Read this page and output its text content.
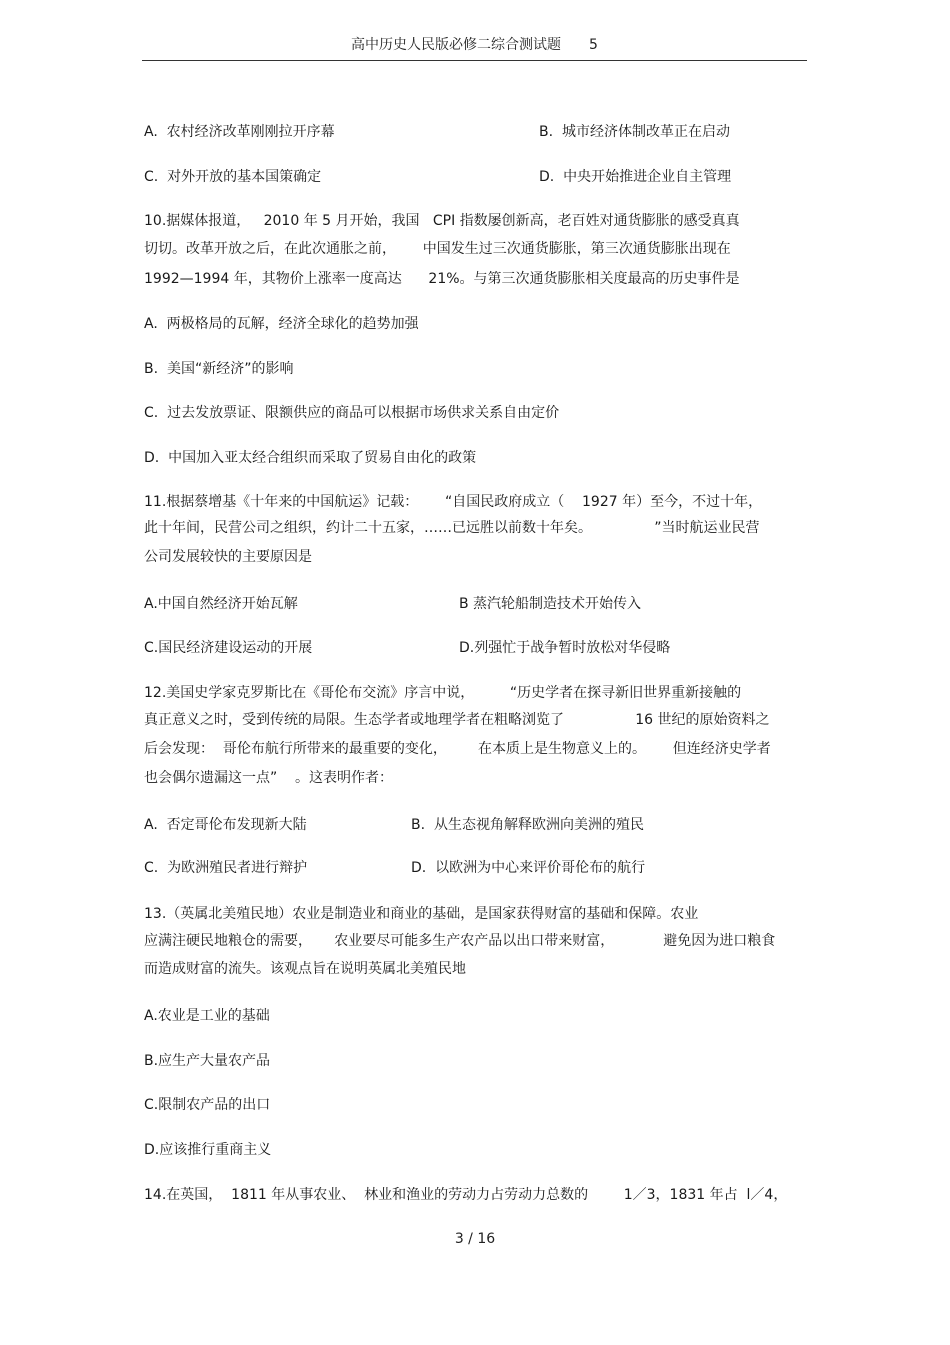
高中历史人民版必修二综合测试题 5
A.  农村经济改革刚刚拉开序幕	B.  城市经济体制改革正在启动
C.  对外开放的基本国策确定	D.  中央开始推进企业自主管理
10.据媒体报道，   2010 年 5 月开始，我国   CPI 指数屡创新高，老百姓对通货膨胀的感受真真
切切。改革开放之后，在此次通胀之前，      中国发生过三次通货膨胀，第三次通货膨胀出现在
1992—1994 年，其物价上涨率一度高达      21%。与第三次通货膨胀相关度最高的历史事件是
A.  两极格局的瓦解，经济全球化的趋势加强
B.  美国“新经济”的影响
C.  过去发放票证、限额供应的商品可以根据市场供求关系自由定价
D.  中国加入亚太经合组织而采取了贸易自由化的政策
11.根据蔡增基《十年来的中国航运》记载：      “自国民政府成立（    1927 年）至今，不过十年，
此十年间，民营公司之组织，约计二十五家，……已远胜以前数十年矣。              ”当时航运业民营
公司发展较快的主要原因是
A.中国自然经济开始瓦解	B 蒸汽轮船制造技术开始传入
C.国民经济建设运动的开展	D.列强忙于战争暂时放松对华侵略
12.美国史学家克罗斯比在《哥伦布交流》序言中说，        “历史学者在探寻新旧世界重新接触的
真正意义之时，受到传统的局限。生态学者或地理学者在粗略浏览了                16 世纪的原始资料之
后会发现：  哥伦布航行所带来的最重要的变化，       在本质上是生物意义上的。      但连经济史学者
也会偶尔遗漏这一点”    。这表明作者：
A.  否定哥伦布发现新大陆	B.  从生态视角解释欧洲向美洲的殖民
C.  为欧洲殖民者进行辩护	D.  以欧洲为中心来评价哥伦布的航行
13.（英属北美殖民地）农业是制造业和商业的基础，是国家获得财富的基础和保障。农业
应满注硬民地粮仓的需要，     农业要尽可能多生产农产品以出口带来财富，           避免因为进口粮食
而造成财富的流失。该观点旨在说明英属北美殖民地
A.农业是工业的基础
B.应生产大量农产品
C.限制农产品的出口
D.应该推行重商主义
14.在英国，  1811 年从事农业、  林业和渔业的劳动力占劳动力总数的        1／3，1831 年占  l／4，
3 / 16
